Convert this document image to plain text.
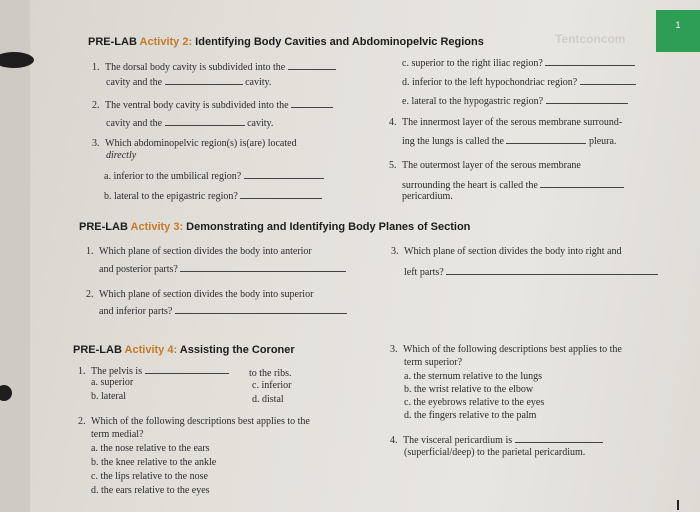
1
Tentconcom
PRE-LAB Activity 2: Identifying Body Cavities and Abdominopelvic Regions
1. The dorsal body cavity is subdivided into the
cavity and the	cavity.
2. The ventral body cavity is subdivided into the
cavity and the	cavity.
3. Which abdominopelvic region(s) is(are) located
directly
a. inferior to the umbilical region?
b. lateral to the epigastric region?
c. superior to the right iliac region?
d. inferior to the left hypochondriac region?
e. lateral to the hypogastric region?
4. The innermost layer of the serous membrane surround-
ing the lungs is called the	pleura.
5. The outermost layer of the serous membrane
surrounding the heart is called the
pericardium.
PRE-LAB Activity 3: Demonstrating and Identifying Body Planes of Section
1. Which plane of section divides the body into anterior
and posterior parts?
2. Which plane of section divides the body into superior
and inferior parts?
3. Which plane of section divides the body into right and
left parts?
PRE-LAB Activity 4: Assisting the Coroner
1. The pelvis is	to the ribs.
a. superior
b. lateral
c. inferior
d. distal
2. Which of the following descriptions best applies to the
term medial?
a. the nose relative to the ears
b. the knee relative to the ankle
c. the lips relative to the nose
d. the ears relative to the eyes
3. Which of the following descriptions best applies to the
term superior?
a. the sternum relative to the lungs
b. the wrist relative to the elbow
c. the eyebrows relative to the eyes
d. the fingers relative to the palm
4. The visceral pericardium is
(superficial/deep) to the parietal pericardium.
